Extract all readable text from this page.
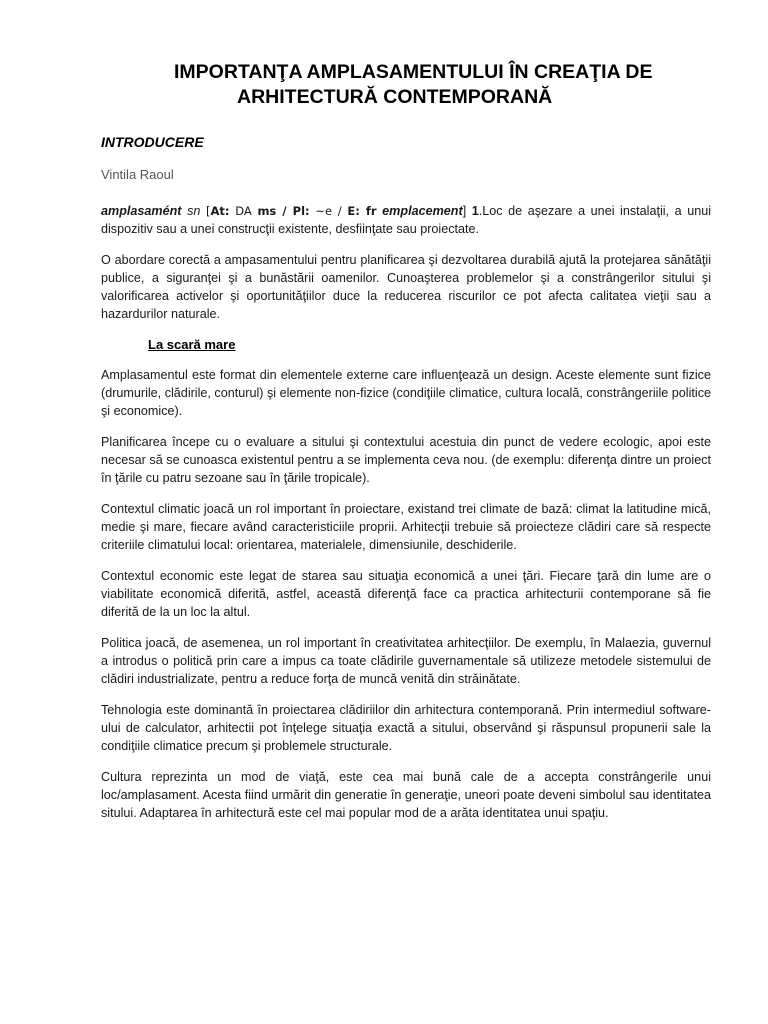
IMPORTANŢA AMPLASAMENTULUI ÎN CREAŢIA DE
ARHITECTURĂ CONTEMPORANĂ
INTRODUCERE
Vintila Raoul

amplasamént sn [At: DA ms / Pl: ~e / E: fr emplacement] 1.Loc de aşezare a unei instalaţii, a unui dispozitiv sau a unei construcţii existente, desfiinţate sau proiectate.

O abordare corectă a ampasamentului pentru planificarea şi dezvoltarea durabilă ajută la protejarea sănătăţii publice, a siguranţei şi a bunăstării oamenilor. Cunoaşterea problemelor şi a constrângerilor sitului şi valorificarea activelor şi oportunităţiilor duce la reducerea riscurilor ce pot afecta calitatea vieţii sau a hazardurilor naturale.

La scară mare

Amplasamentul este format din elementele externe care influenţează un design. Aceste elemente sunt fizice (drumurile, clădirile, conturul) şi elemente non-fizice (condiţiile climatice, cultura locală, constrângeriile politice şi economice).

Planificarea începe cu o evaluare a sitului şi contextului acestuia din punct de vedere ecologic, apoi este necesar să se cunoasca existentul pentru a se implementa ceva nou. (de exemplu: diferenţa dintre un proiect în ţările cu patru sezoane sau în ţările tropicale).

Contextul climatic joacă un rol important în proiectare, existand trei climate de bază: climat la latitudine mică, medie şi mare, fiecare având caracteristiciile proprii. Arhitecţii trebuie să proiecteze clădiri care să respecte criteriile climatului local: orientarea, materialele, dimensiunile, deschiderile.

Contextul economic este legat de starea sau situaţia economică a unei ţări. Fiecare ţară din lume are o viabilitate economică diferită, astfel, această diferenţă face ca practica arhitecturii contemporane să fie diferită de la un loc la altul.

Politica joacă, de asemenea, un rol important în creativitatea arhitecţiilor. De exemplu, în Malaezia, guvernul a introdus o politică prin care a impus ca toate clădirile guvernamentale să utilizeze metodele sistemului de clădiri industrializate, pentru a reduce forţa de muncă venită din străinătate.

Tehnologia este dominantă în proiectarea clădiriilor din arhitectura contemporană. Prin intermediul software-ului de calculator, arhitectii pot înţelege situaţia exactă a sitului, observând şi răspunsul propunerii sale la condiţiile climatice precum şi problemele structurale.

Cultura reprezinta un mod de viaţă, este cea mai bună cale de a accepta constrângerile unui loc/amplasament. Acesta fiind urmărit din generatie în generaţie, uneori poate deveni simbolul sau identitatea sitului. Adaptarea în arhitectură este cel mai popular mod de a arăta identitatea unui spaţiu.
